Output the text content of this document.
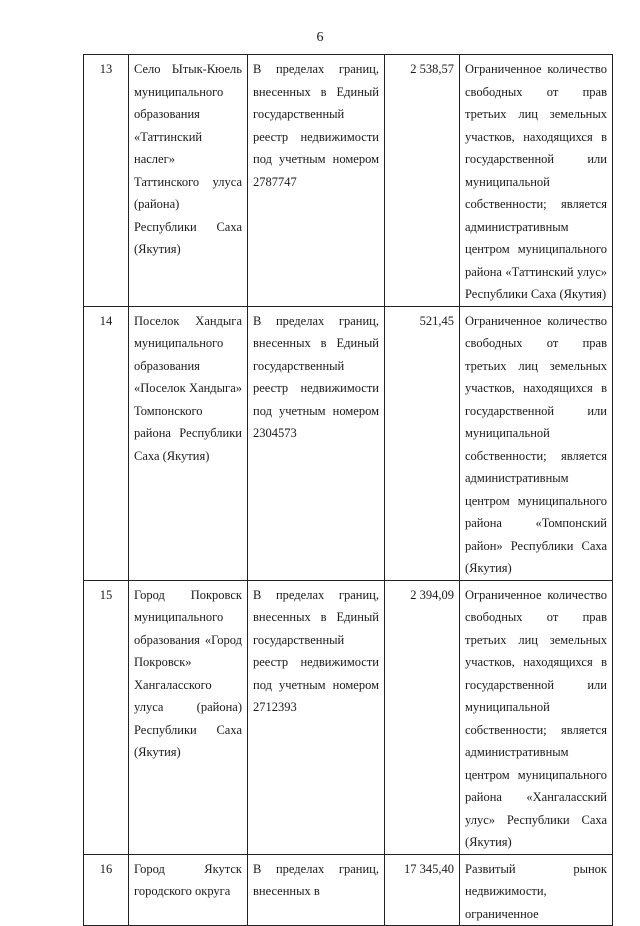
6
13	Село Ытык-Кюель муниципального образования «Таттинский наслег» Таттинского улуса (района) Республики Саха (Якутия)	В пределах границ, внесенных в Единый государственный реестр недвижимости под учетным номером 2787747	2 538,57	Ограниченное количество свободных от прав третьих лиц земельных участков, находящихся в государственной или муниципальной собственности; является административным центром муниципального района «Таттинский улус» Республики Саха (Якутия)
14	Поселок Хандыга муниципального образования «Поселок Хандыга» Томпонского района Республики Саха (Якутия)	В пределах границ, внесенных в Единый государственный реестр недвижимости под учетным номером 2304573	521,45	Ограниченное количество свободных от прав третьих лиц земельных участков, находящихся в государственной или муниципальной собственности; является административным центром муниципального района «Томпонский район» Республики Саха (Якутия)
15	Город Покровск муниципального образования «Город Покровск» Хангаласского улуса (района) Республики Саха (Якутия)	В пределах границ, внесенных в Единый государственный реестр недвижимости под учетным номером 2712393	2 394,09	Ограниченное количество свободных от прав третьих лиц земельных участков, находящихся в государственной или муниципальной собственности; является административным центром муниципального района «Хангаласский улус» Республики Саха (Якутия)
16	Город Якутск городского округа	В пределах границ, внесенных в	17 345,40	Развитый рынок недвижимости, ограниченное
